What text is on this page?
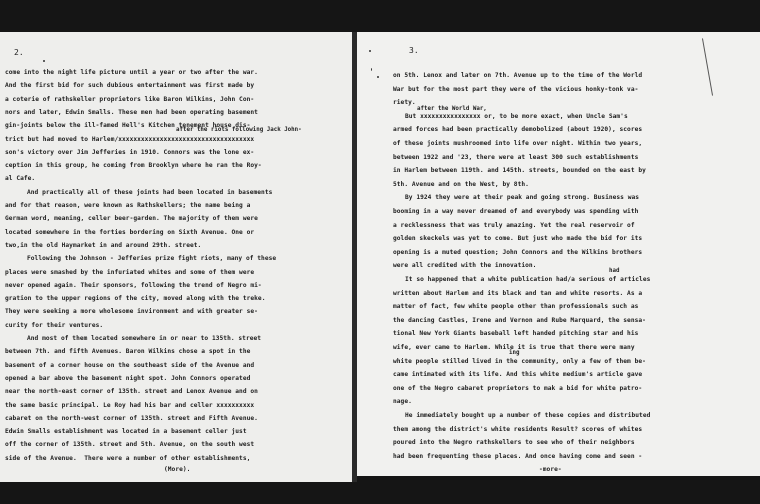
2.
come into the night life picture until a year or two after the war.
And the first bid for such dubious entertainment was first made by
a coterie of rathskeller proprietors like Baron Wilkins, John Con-
nors and later, Edwin Smalls. These men had been operating basement
gin-joints below the ill-famed Hell's Kitchen tenement house dis-
trict but had moved to Harlem/xxxxxxxxxxxxxxxxxxxxxxxxxxxxxxxxxxxx
son's victory over Jim Jefferies in 1910. Connors was the lone ex-
ception in this group, he coming from Brooklyn where he ran the Roy-
al Cafe.
And practically all of these joints had been located in basements
and for that reason, were known as Rathskellers; the name being a
German word, meaning, celler beer-garden. The majority of them were
located somewhere in the forties bordering on Sixth Avenue. One or
two,in the old Haymarket in and around 29th. street.
Following the Johnson - Jefferies prize fight riots, many of these
places were smashed by the infuriated whites and some of them were
never opened again. Their sponsors, following the trend of Negro mi-
gration to the upper regions of the city, moved along with the treke.
They were seeking a more wholesome invironment and with greater se-
curity for their ventures.
And most of them located somewhere in or near to 135th. street
between 7th. and fifth Avenues. Baron Wilkins chose a spot in the
basement of a corner house on the southeast side of the Avenue and
opened a bar above the basement night spot. John Connors operated
near the north-east corner of 135th. street and Lenox Avenue and on
the same basic principal. Le Roy had his bar and celler xxxxxxxxxx
cabaret on the north-west corner of 135th. street and Fifth Avenue.
Edwin Smalls establishment was located in a basement celler just
off the corner of 135th. street and 5th. Avenue, on the south west
side of the Avenue.  There were a number of other establishments,
after the riots following Jack John-
(More).
3.
on 5th. Lenox and later on 7th. Avenue up to the time of the World
War but for the most part they were of the vicious honky-tonk va-
riety.
But xxxxxxxxxxxxxxxx or, to be more exact, when Uncle Sam's
armed forces had been practically demobolized (about 1920), scores
of these joints mushroomed into life over night. Within two years,
between 1922 and '23, there were at least 300 such establishments
in Harlem between 119th. and 145th. streets, bounded on the east by
5th. Avenue and on the West, by 8th.
By 1924 they were at their peak and going strong. Business was
booming in a way never dreamed of and everybody was spending with
a recklessness that was truly amazing. Yet the real reservoir of
golden skeckels was yet to come. But just who made the bid for its
opening is a muted question; John Connors and the Wilkins brothers
were all credited with the innovation.
It so happened that a white publication had/a serious of articles
written about Harlem and its black and tan and white resorts. As a
matter of fact, few white people other than professionals such as
the dancing Castles, Irene and Vernon and Rube Marquard, the sensa-
tional New York Giants baseball left handed pitching star and his
wife, ever came to Harlem. While it is true that there were many
white people stilled lived in the community, only a few of them be-
came intimated with its life. And this white medium's article gave
one of the Negro cabaret proprietors to mak a bid for white patro-
nage.
He immediately bought up a number of these copies and distributed
them among the district's white residents Result? scores of whites
poured into the Negro rathskellers to see who of their neighbors
had been frequenting these places. And once having come and seen -
after the World War,
had
ing
-more-
